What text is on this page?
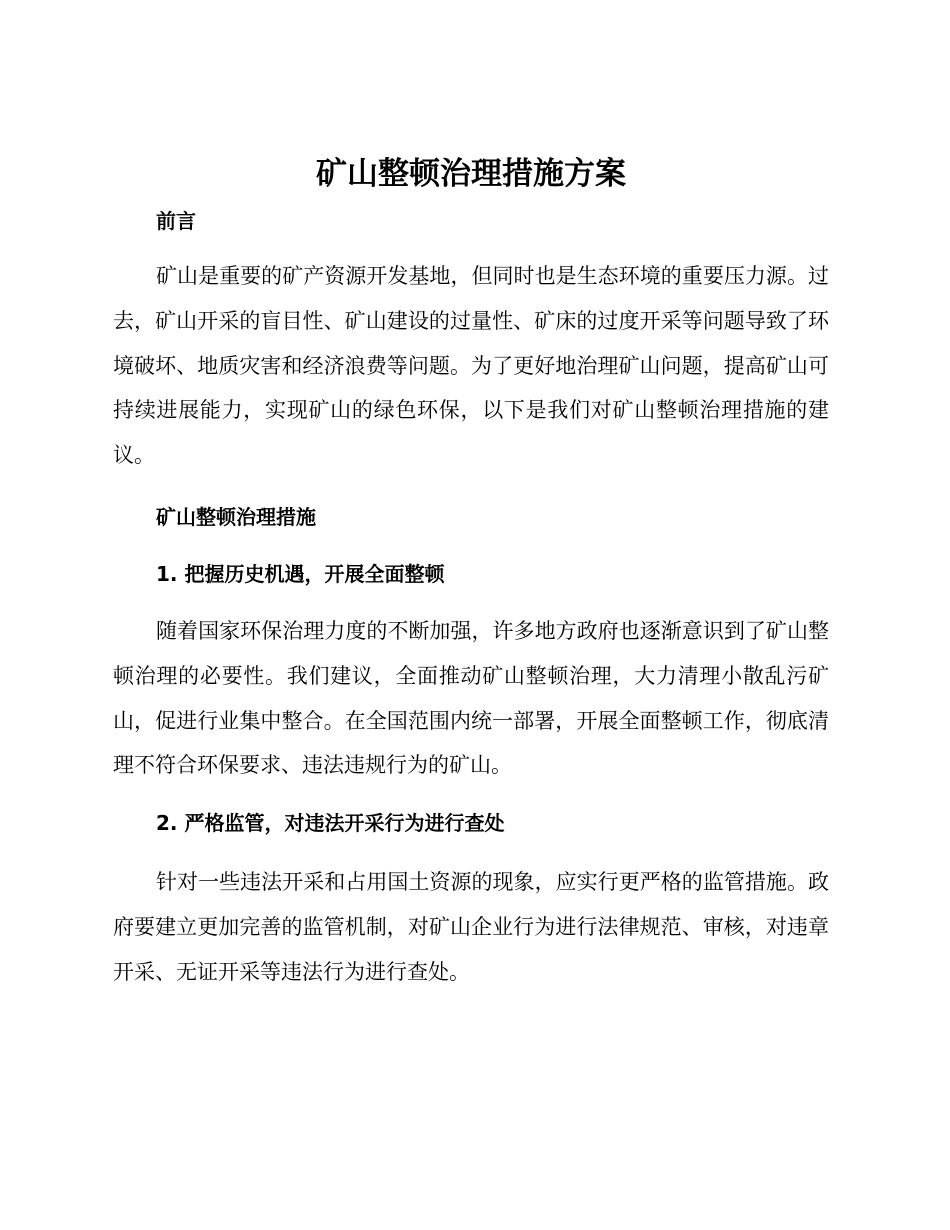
矿山整顿治理措施方案
前言

矿山是重要的矿产资源开发基地，但同时也是生态环境的重要压力源。过去，矿山开采的盲目性、矿山建设的过量性、矿床的过度开采等问题导致了环境破坏、地质灾害和经济浪费等问题。为了更好地治理矿山问题，提高矿山可持续进展能力，实现矿山的绿色环保，以下是我们对矿山整顿治理措施的建议。

矿山整顿治理措施
1. 把握历史机遇，开展全面整顿

随着国家环保治理力度的不断加强，许多地方政府也逐渐意识到了矿山整顿治理的必要性。我们建议，全面推动矿山整顿治理，大力清理小散乱污矿山，促进行业集中整合。在全国范围内统一部署，开展全面整顿工作，彻底清理不符合环保要求、违法违规行为的矿山。

2. 严格监管，对违法开采行为进行查处

针对一些违法开采和占用国土资源的现象，应实行更严格的监管措施。政府要建立更加完善的监管机制，对矿山企业行为进行法律规范、审核，对违章开采、无证开采等违法行为进行查处。
